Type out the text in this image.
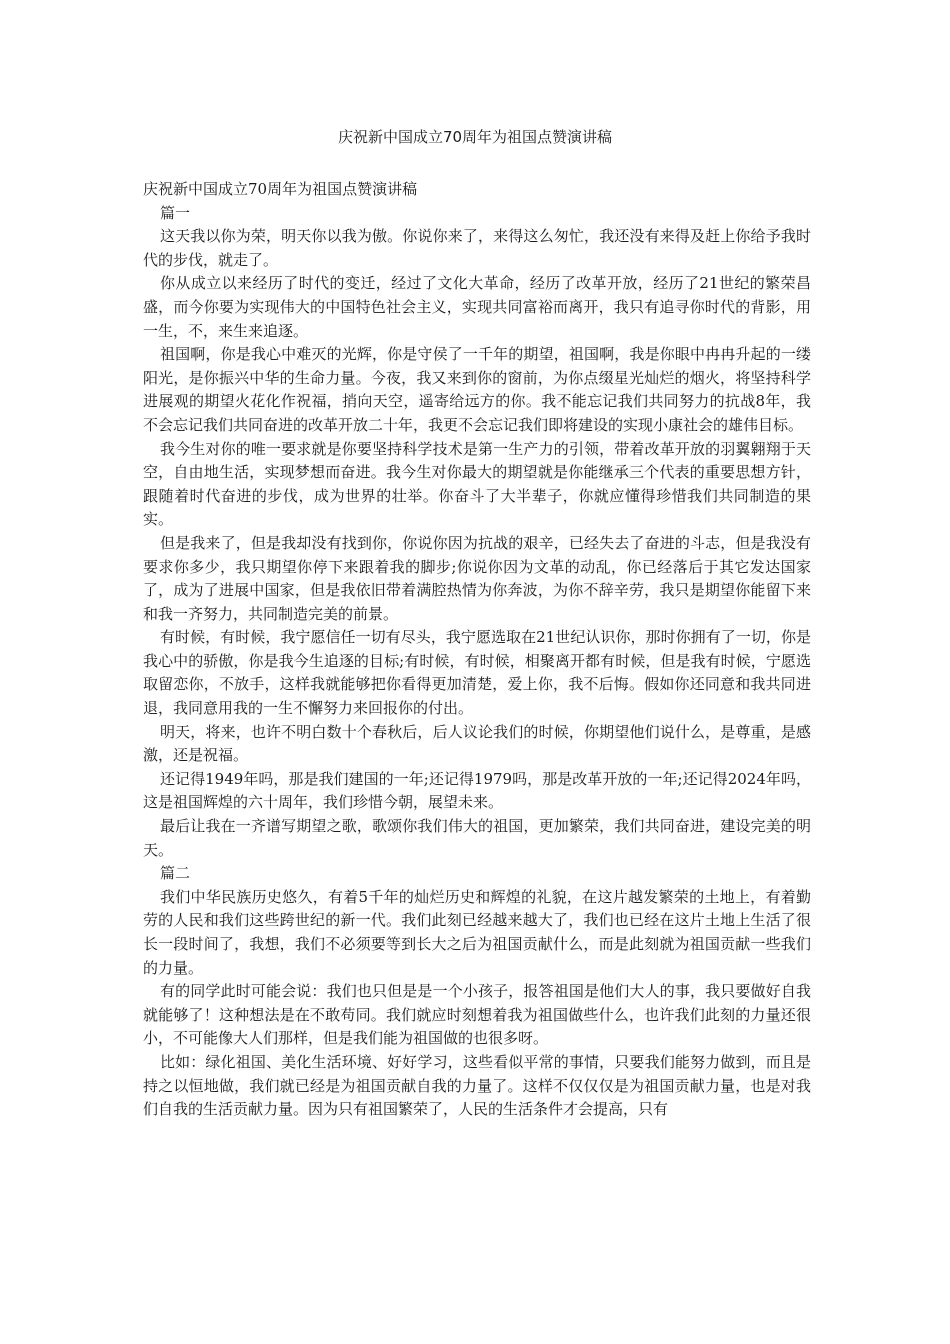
庆祝新中国成立70周年为祖国点赞演讲稿

庆祝新中国成立70周年为祖国点赞演讲稿

篇一

这天我以你为荣，明天你以我为傲。你说你来了，来得这么匆忙，我还没有来得及赶上你给予我时代的步伐，就走了。

你从成立以来经历了时代的变迁，经过了文化大革命，经历了改革开放，经历了21世纪的繁荣昌盛，而今你要为实现伟大的中国特色社会主义，实现共同富裕而离开，我只有追寻你时代的背影，用一生，不，来生来追逐。

祖国啊，你是我心中难灭的光辉，你是守侯了一千年的期望，祖国啊，我是你眼中冉冉升起的一缕阳光，是你振兴中华的生命力量。今夜，我又来到你的窗前，为你点缀星光灿烂的烟火，将坚持科学进展观的期望火花化作祝福，捎向天空，遥寄给远方的你。我不能忘记我们共同努力的抗战8年，我不会忘记我们共同奋进的改革开放二十年，我更不会忘记我们即将建设的实现小康社会的雄伟目标。

我今生对你的唯一要求就是你要坚持科学技术是第一生产力的引领，带着改革开放的羽翼翱翔于天空，自由地生活，实现梦想而奋进。我今生对你最大的期望就是你能继承三个代表的重要思想方针，跟随着时代奋进的步伐，成为世界的壮举。你奋斗了大半辈子，你就应懂得珍惜我们共同制造的果实。

但是我来了，但是我却没有找到你，你说你因为抗战的艰辛，已经失去了奋进的斗志，但是我没有要求你多少，我只期望你停下来跟着我的脚步;你说你因为文革的动乱，你已经落后于其它发达国家了，成为了进展中国家，但是我依旧带着满腔热情为你奔波，为你不辞辛劳，我只是期望你能留下来和我一齐努力，共同制造完美的前景。

有时候，有时候，我宁愿信任一切有尽头，我宁愿选取在21世纪认识你，那时你拥有了一切，你是我心中的骄傲，你是我今生追逐的目标;有时候，有时候，相聚离开都有时候，但是我有时候，宁愿选取留恋你，不放手，这样我就能够把你看得更加清楚，爱上你，我不后悔。假如你还同意和我共同进退，我同意用我的一生不懈努力来回报你的付出。

明天，将来，也许不明白数十个春秋后，后人议论我们的时候，你期望他们说什么，是尊重，是感激，还是祝福。

还记得1949年吗，那是我们建国的一年;还记得1979吗，那是改革开放的一年;还记得2024年吗，这是祖国辉煌的六十周年，我们珍惜今朝，展望未来。

最后让我在一齐谱写期望之歌，歌颂你我们伟大的祖国，更加繁荣，我们共同奋进，建设完美的明天。

篇二

我们中华民族历史悠久，有着5千年的灿烂历史和辉煌的礼貌，在这片越发繁荣的土地上，有着勤劳的人民和我们这些跨世纪的新一代。我们此刻已经越来越大了，我们也已经在这片土地上生活了很长一段时间了，我想，我们不必须要等到长大之后为祖国贡献什么，而是此刻就为祖国贡献一些我们的力量。

有的同学此时可能会说：我们也只但是是一个小孩子，报答祖国是他们大人的事，我只要做好自我就能够了！这种想法是在不敢苟同。我们就应时刻想着我为祖国做些什么，也许我们此刻的力量还很小，不可能像大人们那样，但是我们能为祖国做的也很多呀。

比如：绿化祖国、美化生活环境、好好学习，这些看似平常的事情，只要我们能努力做到，而且是持之以恒地做，我们就已经是为祖国贡献自我的力量了。这样不仅仅仅是为祖国贡献力量，也是对我们自我的生活贡献力量。因为只有祖国繁荣了，人民的生活条件才会提高，只有
